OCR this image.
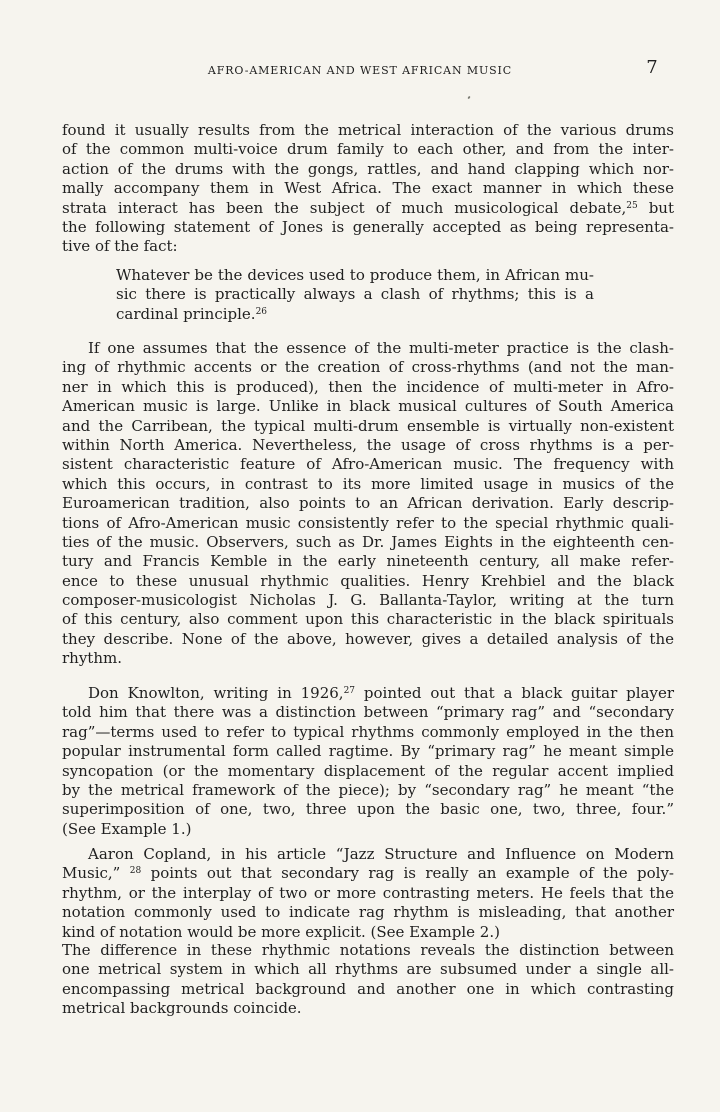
AFRO-AMERICAN AND WEST AFRICAN MUSIC	7
found it usually results from the metrical interaction of the various drums
of the common multi-voice drum family to each other, and from the inter-
action of the drums with the gongs, rattles, and hand clapping which nor-
mally accompany them in West Africa. The exact manner in which these
strata interact has been the subject of much musicological debate,$^{25}$ but
the following statement of Jones is generally accepted as being representa-
tive of the fact:
Whatever be the devices used to produce them, in African mu-
sic there is practically always a clash of rhythms; this is a
cardinal principle.$^{26}$
If one assumes that the essence of the multi-meter practice is the clash-
ing of rhythmic accents or the creation of cross-rhythms (and not the man-
ner in which this is produced), then the incidence of multi-meter in Afro-
American music is large. Unlike in black musical cultures of South America
and the Carribean, the typical multi-drum ensemble is virtually non-existent
within North America. Nevertheless, the usage of cross rhythms is a per-
sistent characteristic feature of Afro-American music. The frequency with
which this occurs, in contrast to its more limited usage in musics of the
Euroamerican tradition, also points to an African derivation. Early descrip-
tions of Afro-American music consistently refer to the special rhythmic quali-
ties of the music. Observers, such as Dr. James Eights in the eighteenth cen-
tury and Francis Kemble in the early nineteenth century, all make refer-
ence to these unusual rhythmic qualities. Henry Krehbiel and the black
composer-musicologist Nicholas J. G. Ballanta-Taylor, writing at the turn
of this century, also comment upon this characteristic in the black spirituals
they describe. None of the above, however, gives a detailed analysis of the
rhythm.
Don Knowlton, writing in 1926,27 pointed out that a black guitar player
told him that there was a distinction between “primary rag” and “secondary
rag”—terms used to refer to typical rhythms commonly employed in the then
popular instrumental form called ragtime. By “primary rag” he meant simple
syncopation (or the momentary displacement of the regular accent implied
by the metrical framework of the piece); by “secondary rag” he meant “the
superimposition of one, two, three upon the basic one, two, three, four.”
(See Example 1.)
Aaron Copland, in his article “Jazz Structure and Influence on Modern
Music,” $^{28}$ points out that secondary rag is really an example of the poly-
rhythm, or the interplay of two or more contrasting meters. He feels that the
notation commonly used to indicate rag rhythm is misleading, that another
kind of notation would be more explicit. (See Example 2.)
The difference in these rhythmic notations reveals the distinction between
one metrical system in which all rhythms are subsumed under a single all-
encompassing metrical background and another one in which contrasting
metrical backgrounds coincide.
